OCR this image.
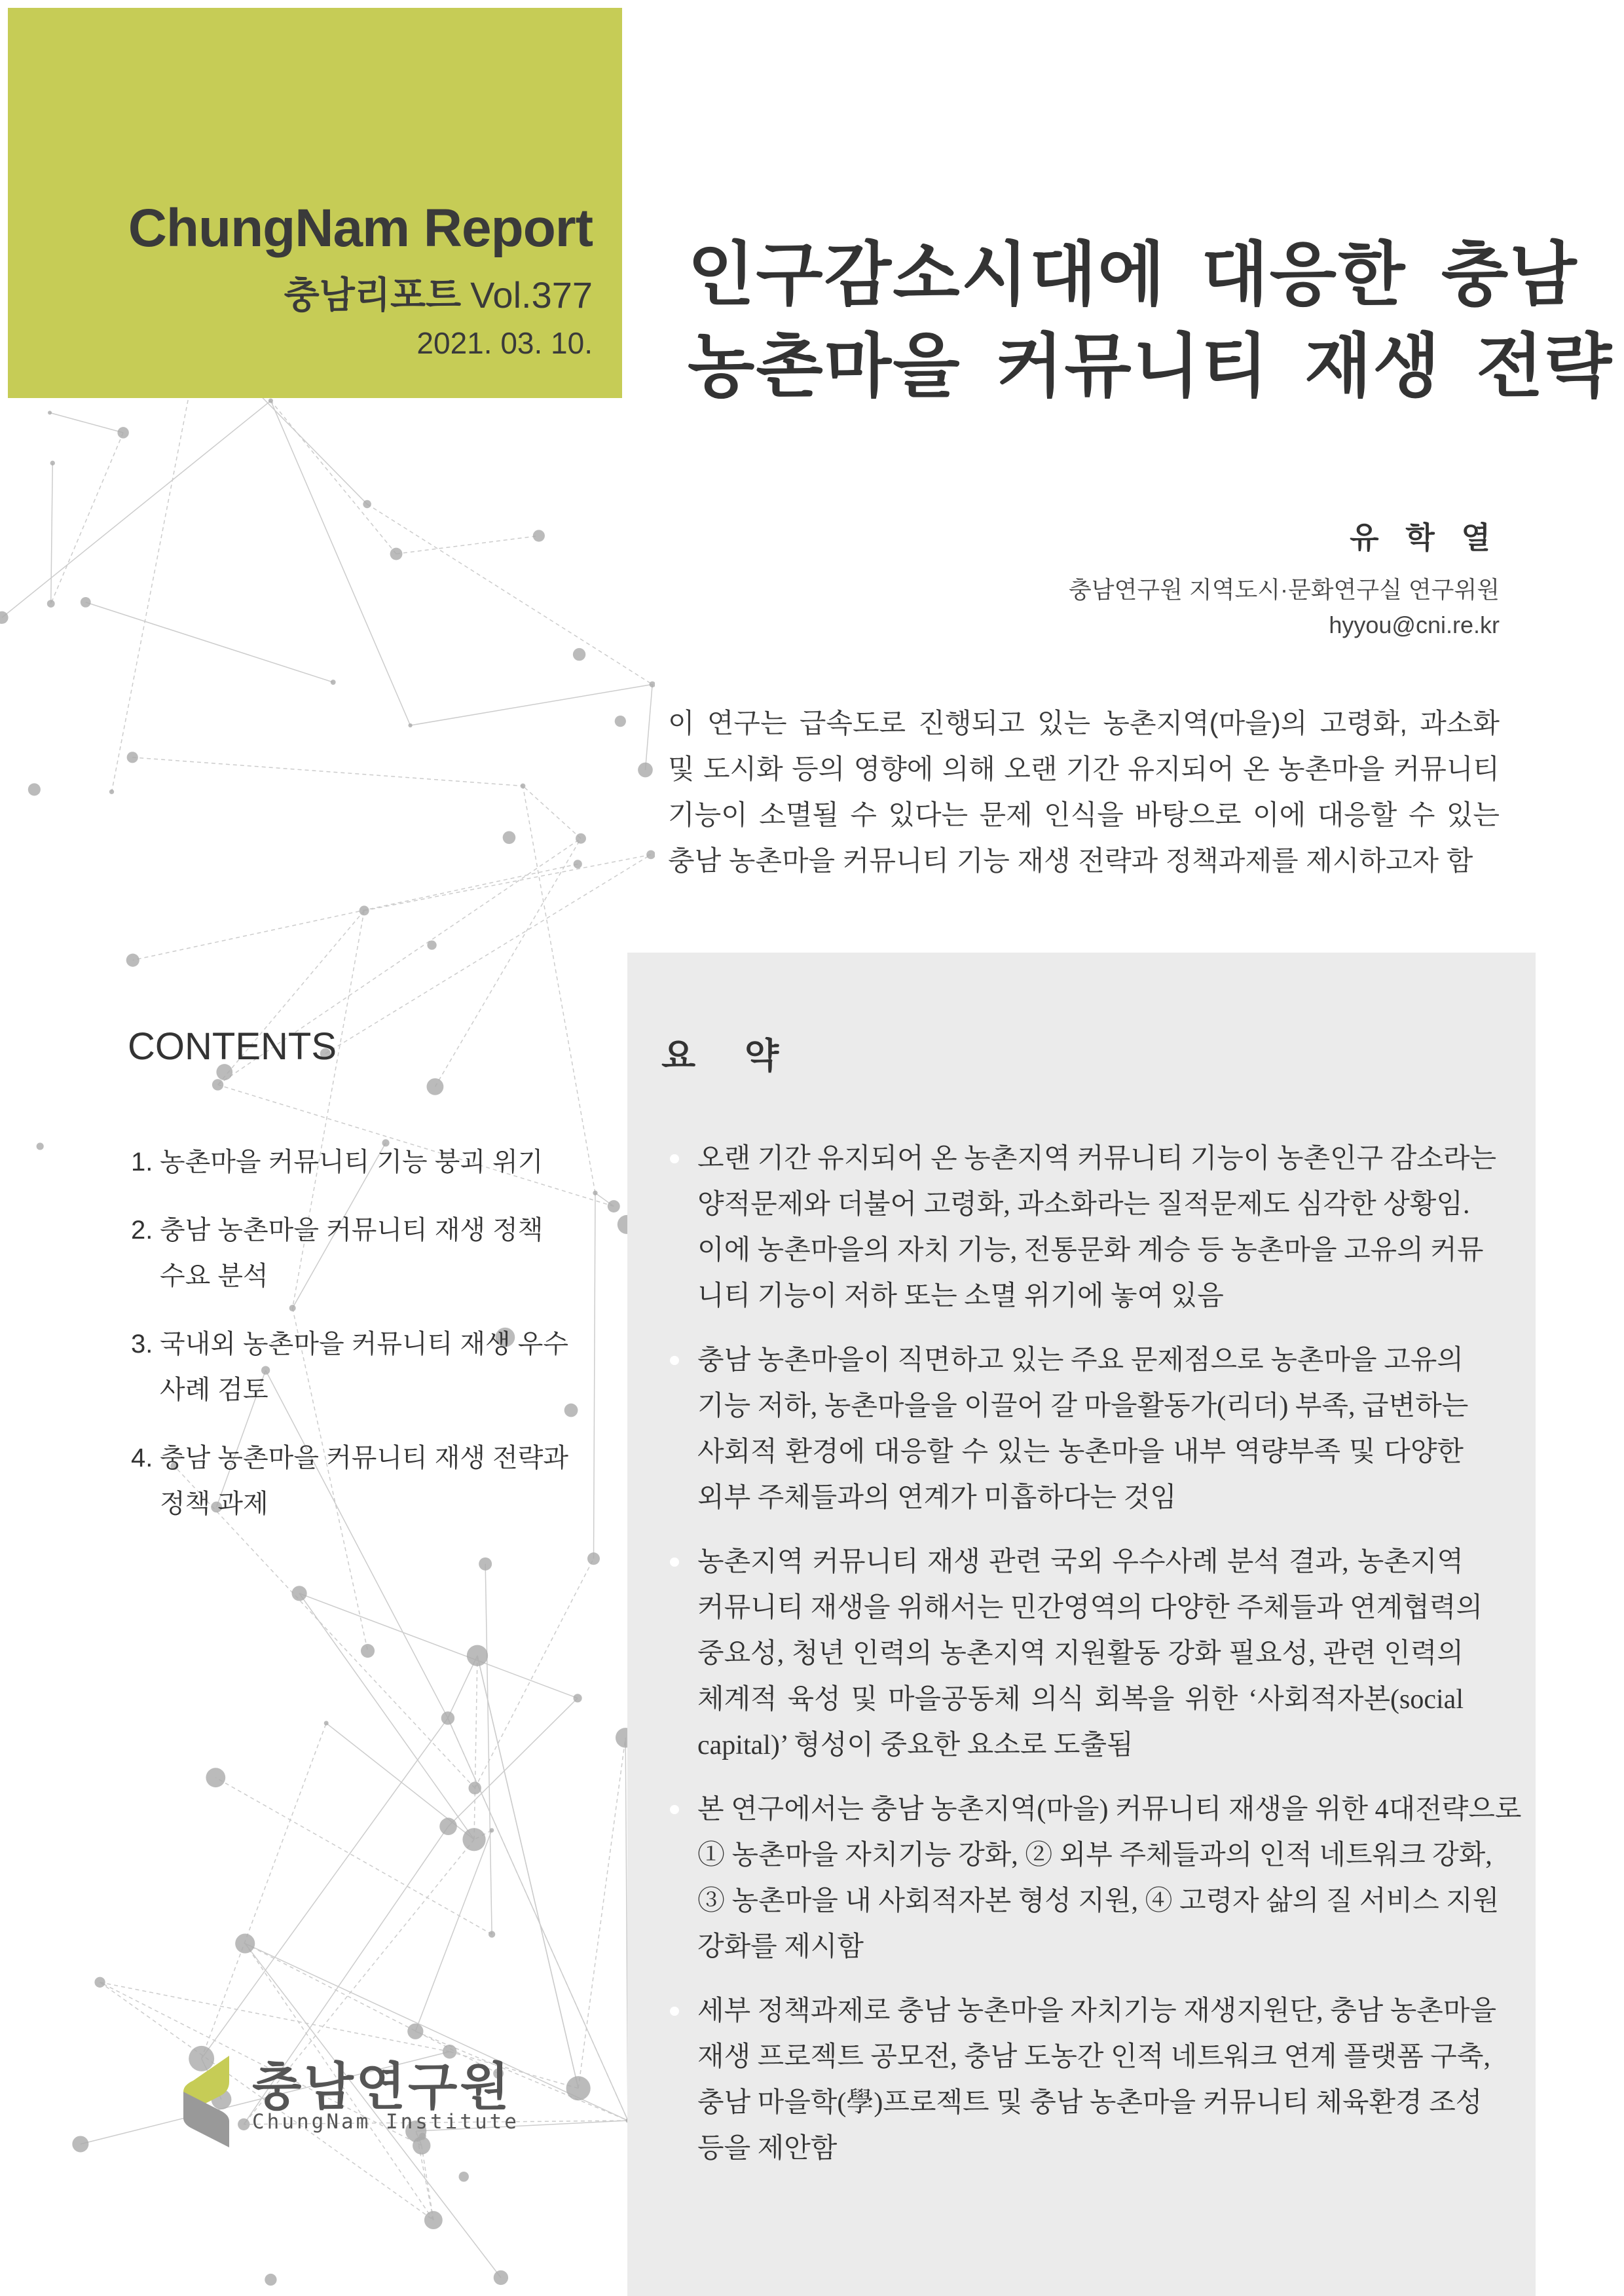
ChungNam Report
충남리포트 Vol.377
2021. 03. 10.
인구감소시대에 대응한 충남
농촌마을 커뮤니티 재생 전략
유 학 열
충남연구원 지역도시·문화연구실 연구위원
hyyou@cni.re.kr
이 연구는 급속도로 진행되고 있는 농촌지역(마을)의 고령화, 과소화
및 도시화 등의 영향에 의해 오랜 기간 유지되어 온 농촌마을 커뮤니티
기능이 소멸될 수 있다는 문제 인식을 바탕으로 이에 대응할 수 있는
충남 농촌마을 커뮤니티 기능 재생 전략과 정책과제를 제시하고자 함
CONTENTS
1. 농촌마을 커뮤니티 기능 붕괴 위기
2. 충남 농촌마을 커뮤니티 재생 정책
수요 분석
3. 국내외 농촌마을 커뮤니티 재생 우수
사례 검토
4. 충남 농촌마을 커뮤니티 재생 전략과
정책 과제
요 약
오랜 기간 유지되어 온 농촌지역 커뮤니티 기능이 농촌인구 감소라는
양적문제와 더불어 고령화, 과소화라는 질적문제도 심각한 상황임.
이에 농촌마을의 자치 기능, 전통문화 계승 등 농촌마을 고유의 커뮤
니티 기능이 저하 또는 소멸 위기에 놓여 있음
충남 농촌마을이 직면하고 있는 주요 문제점으로 농촌마을 고유의
기능 저하, 농촌마을을 이끌어 갈 마을활동가(리더) 부족, 급변하는
사회적 환경에 대응할 수 있는 농촌마을 내부 역량부족 및 다양한
외부 주체들과의 연계가 미흡하다는 것임
농촌지역 커뮤니티 재생 관련 국외 우수사례 분석 결과, 농촌지역
커뮤니티 재생을 위해서는 민간영역의 다양한 주체들과 연계협력의
중요성, 청년 인력의 농촌지역 지원활동 강화 필요성, 관련 인력의
체계적 육성 및 마을공동체 의식 회복을 위한 ‘사회적자본(social
capital)’ 형성이 중요한 요소로 도출됨
본 연구에서는 충남 농촌지역(마을) 커뮤니티 재생을 위한 4대전략으로
① 농촌마을 자치기능 강화, ② 외부 주체들과의 인적 네트워크 강화,
③ 농촌마을 내 사회적자본 형성 지원, ④ 고령자 삶의 질 서비스 지원
강화를 제시함
세부 정책과제로 충남 농촌마을 자치기능 재생지원단, 충남 농촌마을
재생 프로젝트 공모전, 충남 도농간 인적 네트워크 연계 플랫폼 구축,
충남 마을학(學)프로젝트 및 충남 농촌마을 커뮤니티 체육환경 조성
등을 제안함
충남연구원
ChungNam Institute
